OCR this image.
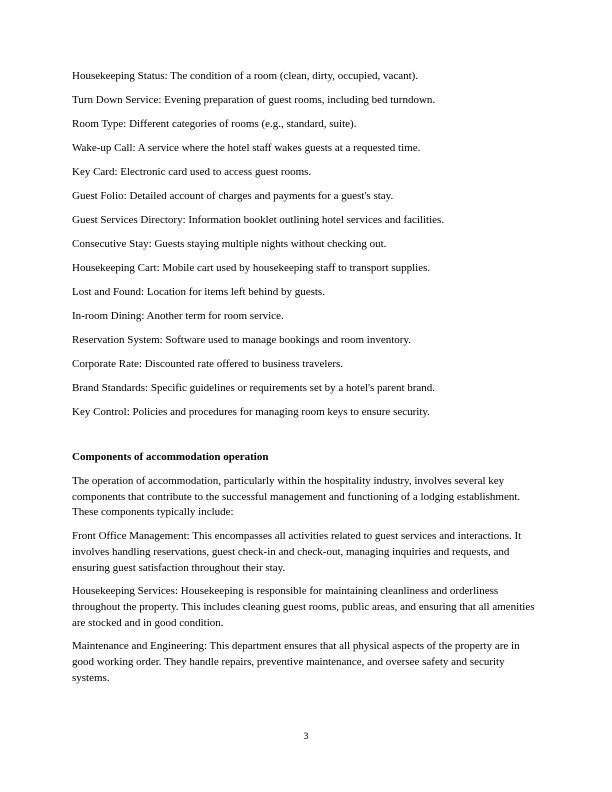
Housekeeping Status: The condition of a room (clean, dirty, occupied, vacant).

Turn Down Service: Evening preparation of guest rooms, including bed turndown.

Room Type: Different categories of rooms (e.g., standard, suite).

Wake-up Call: A service where the hotel staff wakes guests at a requested time.

Key Card: Electronic card used to access guest rooms.

Guest Folio: Detailed account of charges and payments for a guest's stay.

Guest Services Directory: Information booklet outlining hotel services and facilities.

Consecutive Stay: Guests staying multiple nights without checking out.

Housekeeping Cart: Mobile cart used by housekeeping staff to transport supplies.

Lost and Found: Location for items left behind by guests.

In-room Dining: Another term for room service.

Reservation System: Software used to manage bookings and room inventory.

Corporate Rate: Discounted rate offered to business travelers.

Brand Standards: Specific guidelines or requirements set by a hotel's parent brand.

Key Control: Policies and procedures for managing room keys to ensure security.

Components of accommodation operation

The operation of accommodation, particularly within the hospitality industry, involves several key components that contribute to the successful management and functioning of a lodging establishment. These components typically include:

Front Office Management: This encompasses all activities related to guest services and interactions. It involves handling reservations, guest check-in and check-out, managing inquiries and requests, and ensuring guest satisfaction throughout their stay.

Housekeeping Services: Housekeeping is responsible for maintaining cleanliness and orderliness throughout the property. This includes cleaning guest rooms, public areas, and ensuring that all amenities are stocked and in good condition.

Maintenance and Engineering: This department ensures that all physical aspects of the property are in good working order. They handle repairs, preventive maintenance, and oversee safety and security systems.

3
